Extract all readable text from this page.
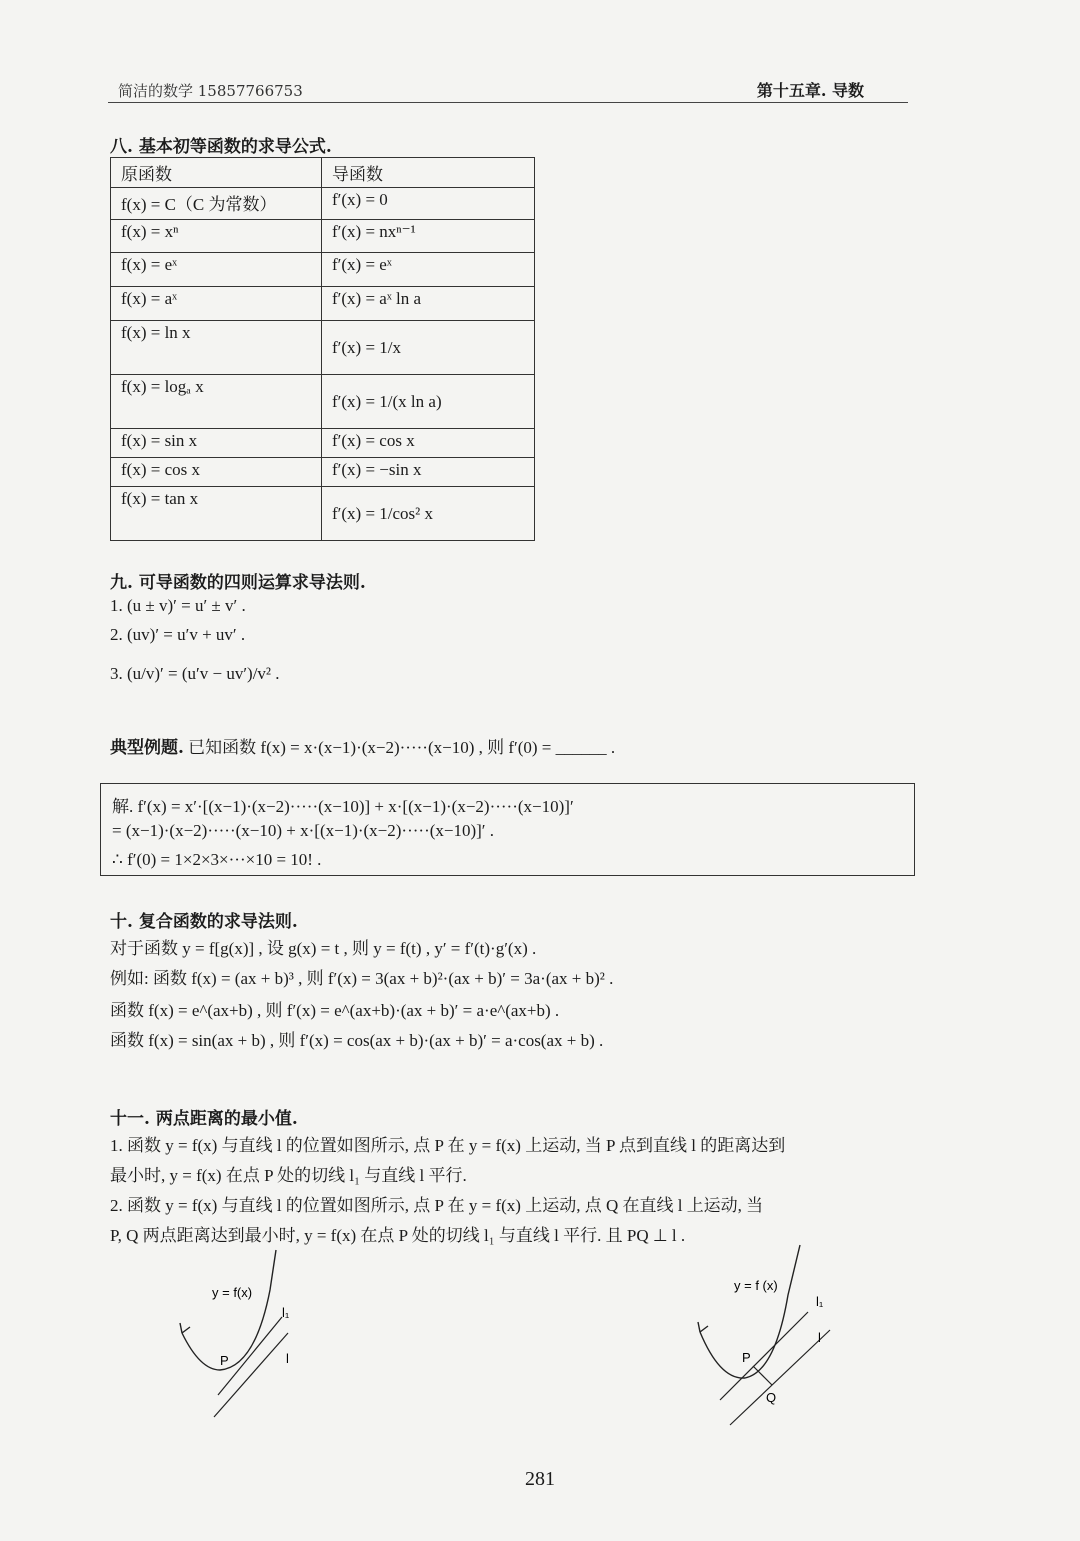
简洁的数学 15857766753	第十五章. 导数
八. 基本初等函数的求导公式.
原函数	导函数
f(x) = C（C 为常数）	f′(x) = 0
f(x) = xⁿ	f′(x) = nxⁿ⁻¹
f(x) = eˣ	f′(x) = eˣ
f(x) = aˣ	f′(x) = aˣ ln a
f(x) = ln x	f′(x) = 1/x
f(x) = logₐ x	f′(x) = 1/(x ln a)
f(x) = sin x	f′(x) = cos x
f(x) = cos x	f′(x) = −sin x
f(x) = tan x	f′(x) = 1/cos² x
九. 可导函数的四则运算求导法则.
1. (u ± v)′ = u′ ± v′ .
2. (uv)′ = u′v + uv′ .
3. (u/v)′ = (u′v − uv′)/v² .
典型例题. 已知函数 f(x) = x·(x−1)·(x−2)·····(x−10) , 则 f′(0) = ______ .
解. f′(x) = x′·[(x−1)·(x−2)·····(x−10)] + x·[(x−1)·(x−2)·····(x−10)]′
= (x−1)·(x−2)·····(x−10) + x·[(x−1)·(x−2)·····(x−10)]′ .
∴ f′(0) = 1×2×3×···×10 = 10! .
十. 复合函数的求导法则.
对于函数 y = f[g(x)] , 设 g(x) = t , 则 y = f(t) , y′ = f′(t)·g′(x) .
例如: 函数 f(x) = (ax + b)³ , 则 f′(x) = 3(ax + b)²·(ax + b)′ = 3a·(ax + b)² .
函数 f(x) = e^(ax+b) , 则 f′(x) = e^(ax+b)·(ax + b)′ = a·e^(ax+b) .
函数 f(x) = sin(ax + b) , 则 f′(x) = cos(ax + b)·(ax + b)′ = a·cos(ax + b) .
十一. 两点距离的最小值.
1. 函数 y = f(x) 与直线 l 的位置如图所示, 点 P 在 y = f(x) 上运动, 当 P 点到直线 l 的距离达到
最小时, y = f(x) 在点 P 处的切线 l₁ 与直线 l 平行.
2. 函数 y = f(x) 与直线 l 的位置如图所示, 点 P 在 y = f(x) 上运动, 点 Q 在直线 l 上运动, 当
P, Q 两点距离达到最小时, y = f(x) 在点 P 处的切线 l₁ 与直线 l 平行. 且 PQ ⊥ l .
y = f(x)
l₁
l
P
y = f (x)
l₁
l
P
Q
281
